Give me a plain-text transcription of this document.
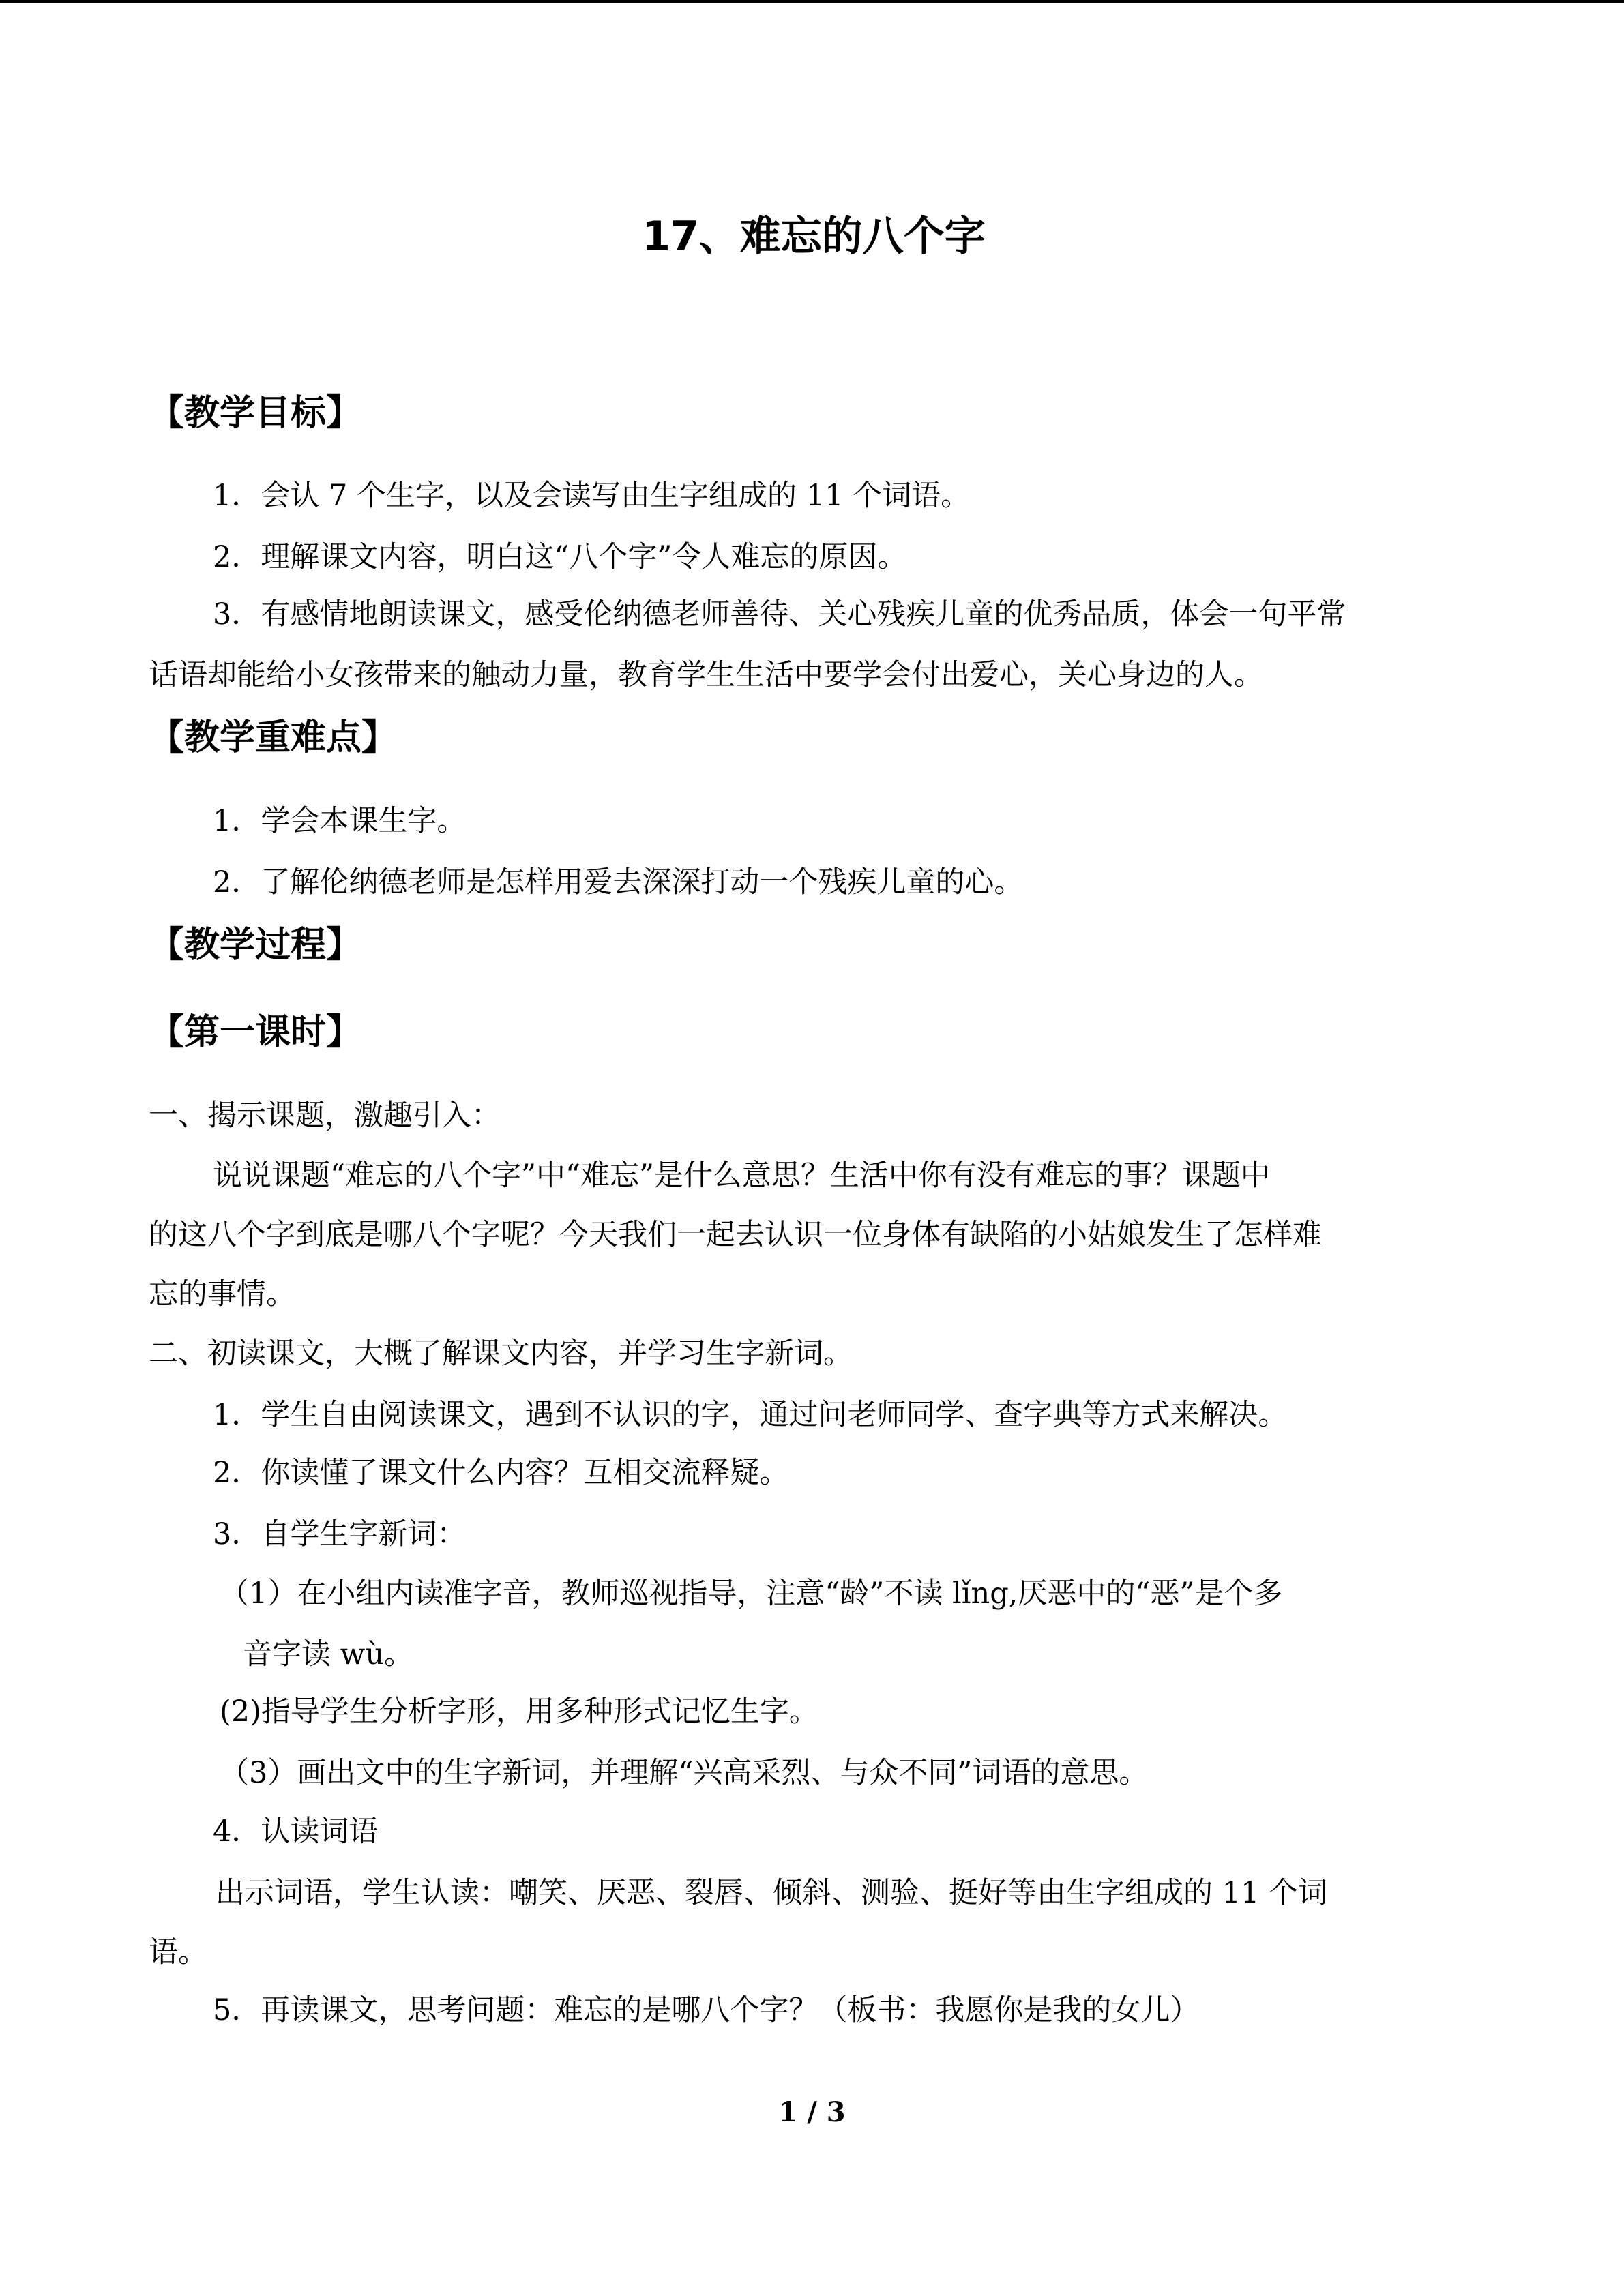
17、难忘的八个字
【教学目标】
1．会认 7 个生字，以及会读写由生字组成的 11 个词语。
2．理解课文内容，明白这“八个字”令人难忘的原因。
3．有感情地朗读课文，感受伦纳德老师善待、关心残疾儿童的优秀品质，体会一句平常
话语却能给小女孩带来的触动力量，教育学生生活中要学会付出爱心，关心身边的人。
【教学重难点】
1．学会本课生字。
2．了解伦纳德老师是怎样用爱去深深打动一个残疾儿童的心。
【教学过程】
【第一课时】
一、揭示课题，激趣引入：
说说课题“难忘的八个字”中“难忘”是什么意思？生活中你有没有难忘的事？课题中
的这八个字到底是哪八个字呢？今天我们一起去认识一位身体有缺陷的小姑娘发生了怎样难
忘的事情。
二、初读课文，大概了解课文内容，并学习生字新词。
1．学生自由阅读课文，遇到不认识的字，通过问老师同学、查字典等方式来解决。
2．你读懂了课文什么内容？互相交流释疑。
3．自学生字新词：
（1）在小组内读准字音，教师巡视指导，注意“龄”不读 lǐng,厌恶中的“恶”是个多
音字读 wù。
(2)指导学生分析字形，用多种形式记忆生字。
（3）画出文中的生字新词，并理解“兴高采烈、与众不同”词语的意思。
4．认读词语
出示词语，学生认读：嘲笑、厌恶、裂唇、倾斜、测验、挺好等由生字组成的 11 个词
语。
5．再读课文，思考问题：难忘的是哪八个字？（板书：我愿你是我的女儿）
1 / 3
